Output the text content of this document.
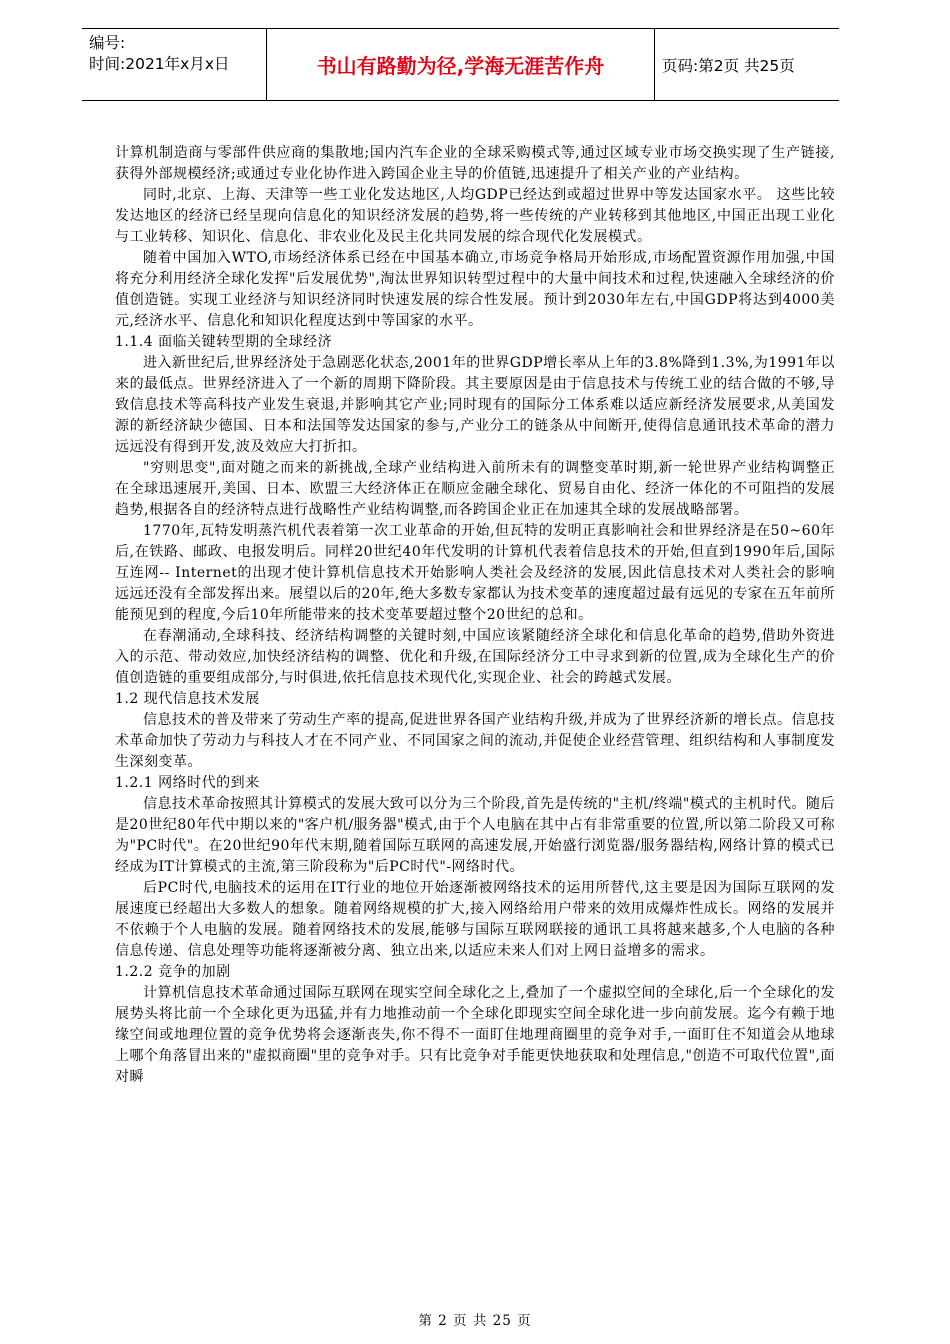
编号:
时间:2021年x月x日	书山有路勤为径,学海无涯苦作舟	页码:第2页 共25页

计算机制造商与零部件供应商的集散地;国内汽车企业的全球采购模式等,通过区域专业市场交换实现了生产链接,获得外部规模经济;或通过专业化协作进入跨国企业主导的价值链,迅速提升了相关产业的产业结构。

同时,北京、上海、天津等一些工业化发达地区,人均GDP已经达到或超过世界中等发达国家水平。 这些比较发达地区的经济已经呈现向信息化的知识经济发展的趋势,将一些传统的产业转移到其他地区,中国正出现工业化与工业转移、知识化、信息化、非农业化及民主化共同发展的综合现代化发展模式。

随着中国加入WTO,市场经济体系已经在中国基本确立,市场竞争格局开始形成,市场配置资源作用加强,中国将充分利用经济全球化发挥"后发展优势",淘汰世界知识转型过程中的大量中间技术和过程,快速融入全球经济的价值创造链。实现工业经济与知识经济同时快速发展的综合性发展。预计到2030年左右,中国GDP将达到4000美元,经济水平、信息化和知识化程度达到中等国家的水平。

1.1.4 面临关键转型期的全球经济

进入新世纪后,世界经济处于急剧恶化状态,2001年的世界GDP增长率从上年的3.8%降到1.3%,为1991年以来的最低点。世界经济进入了一个新的周期下降阶段。其主要原因是由于信息技术与传统工业的结合做的不够,导致信息技术等高科技产业发生衰退,并影响其它产业;同时现有的国际分工体系难以适应新经济发展要求,从美国发源的新经济缺少德国、日本和法国等发达国家的参与,产业分工的链条从中间断开,使得信息通讯技术革命的潜力远远没有得到开发,波及效应大打折扣。

"穷则思变",面对随之而来的新挑战,全球产业结构进入前所未有的调整变革时期,新一轮世界产业结构调整正在全球迅速展开,美国、日本、欧盟三大经济体正在顺应金融全球化、贸易自由化、经济一体化的不可阻挡的发展趋势,根据各自的经济特点进行战略性产业结构调整,而各跨国企业正在加速其全球的发展战略部署。

1770年,瓦特发明蒸汽机代表着第一次工业革命的开始,但瓦特的发明正真影响社会和世界经济是在50~60年后,在铁路、邮政、电报发明后。同样20世纪40年代发明的计算机代表着信息技术的开始,但直到1990年后,国际互连网-- Internet的出现才使计算机信息技术开始影响人类社会及经济的发展,因此信息技术对人类社会的影响远远还没有全部发挥出来。展望以后的20年,绝大多数专家都认为技术变革的速度超过最有远见的专家在五年前所能预见到的程度,今后10年所能带来的技术变革要超过整个20世纪的总和。

在春潮涌动,全球科技、经济结构调整的关键时刻,中国应该紧随经济全球化和信息化革命的趋势,借助外资进入的示范、带动效应,加快经济结构的调整、优化和升级,在国际经济分工中寻求到新的位置,成为全球化生产的价值创造链的重要组成部分,与时俱进,依托信息技术现代化,实现企业、社会的跨越式发展。

1.2 现代信息技术发展

信息技术的普及带来了劳动生产率的提高,促进世界各国产业结构升级,并成为了世界经济新的增长点。信息技术革命加快了劳动力与科技人才在不同产业、不同国家之间的流动,并促使企业经营管理、组织结构和人事制度发生深刻变革。

1.2.1 网络时代的到来

信息技术革命按照其计算模式的发展大致可以分为三个阶段,首先是传统的"主机/终端"模式的主机时代。随后是20世纪80年代中期以来的"客户机/服务器"模式,由于个人电脑在其中占有非常重要的位置,所以第二阶段又可称为"PC时代"。在20世纪90年代末期,随着国际互联网的高速发展,开始盛行浏览器/服务器结构,网络计算的模式已经成为IT计算模式的主流,第三阶段称为"后PC时代"-网络时代。

后PC时代,电脑技术的运用在IT行业的地位开始逐渐被网络技术的运用所替代,这主要是因为国际互联网的发展速度已经超出大多数人的想象。随着网络规模的扩大,接入网络给用户带来的效用成爆炸性成长。网络的发展并不依赖于个人电脑的发展。随着网络技术的发展,能够与国际互联网联接的通讯工具将越来越多,个人电脑的各种信息传递、信息处理等功能将逐渐被分离、独立出来,以适应未来人们对上网日益增多的需求。

1.2.2 竞争的加剧

计算机信息技术革命通过国际互联网在现实空间全球化之上,叠加了一个虚拟空间的全球化,后一个全球化的发展势头将比前一个全球化更为迅猛,并有力地推动前一个全球化即现实空间全球化进一步向前发展。迄今有赖于地缘空间或地理位置的竞争优势将会逐渐丧失,你不得不一面盯住地理商圈里的竞争对手,一面盯住不知道会从地球上哪个角落冒出来的"虚拟商圈"里的竞争对手。只有比竞争对手能更快地获取和处理信息,"创造不可取代位置",面对瞬

第 2 页 共 25 页
